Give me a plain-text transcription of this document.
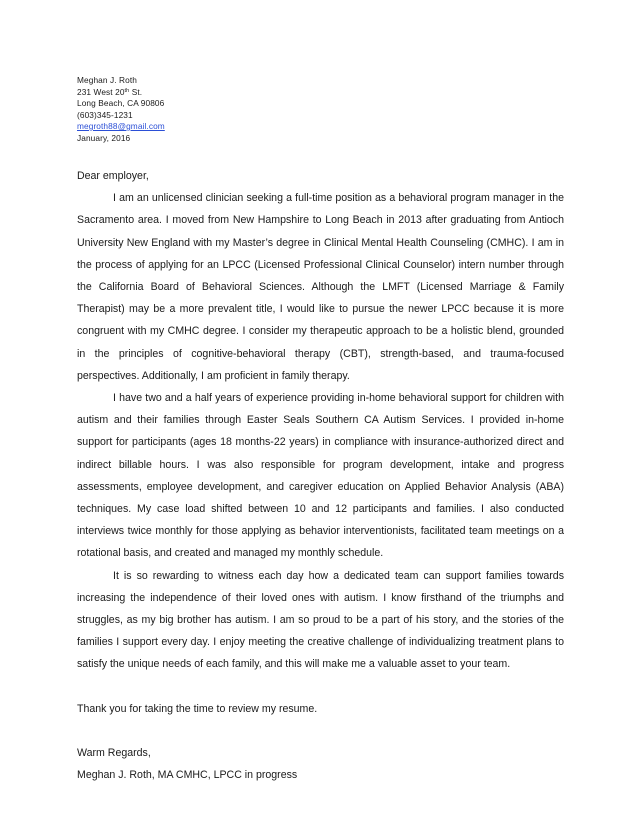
Meghan J. Roth
231 West 20th St.
Long Beach, CA 90806
(603)345-1231
megroth88@gmail.com
January, 2016

Dear employer,

I am an unlicensed clinician seeking a full-time position as a behavioral program manager in the Sacramento area. I moved from New Hampshire to Long Beach in 2013 after graduating from Antioch University New England with my Master’s degree in Clinical Mental Health Counseling (CMHC). I am in the process of applying for an LPCC (Licensed Professional Clinical Counselor) intern number through the California Board of Behavioral Sciences. Although the LMFT (Licensed Marriage & Family Therapist) may be a more prevalent title, I would like to pursue the newer LPCC because it is more congruent with my CMHC degree. I consider my therapeutic approach to be a holistic blend, grounded in the principles of cognitive-behavioral therapy (CBT), strength-based, and trauma-focused perspectives. Additionally, I am proficient in family therapy.

I have two and a half years of experience providing in-home behavioral support for children with autism and their families through Easter Seals Southern CA Autism Services. I provided in-home support for participants (ages 18 months-22 years) in compliance with insurance-authorized direct and indirect billable hours. I was also responsible for program development, intake and progress assessments, employee development, and caregiver education on Applied Behavior Analysis (ABA) techniques. My case load shifted between 10 and 12 participants and families. I also conducted interviews twice monthly for those applying as behavior interventionists, facilitated team meetings on a rotational basis, and created and managed my monthly schedule.

It is so rewarding to witness each day how a dedicated team can support families towards increasing the independence of their loved ones with autism. I know firsthand of the triumphs and struggles, as my big brother has autism. I am so proud to be a part of his story, and the stories of the families I support every day. I enjoy meeting the creative challenge of individualizing treatment plans to satisfy the unique needs of each family, and this will make me a valuable asset to your team.

Thank you for taking the time to review my resume.

Warm Regards,

Meghan J. Roth, MA CMHC, LPCC in progress
